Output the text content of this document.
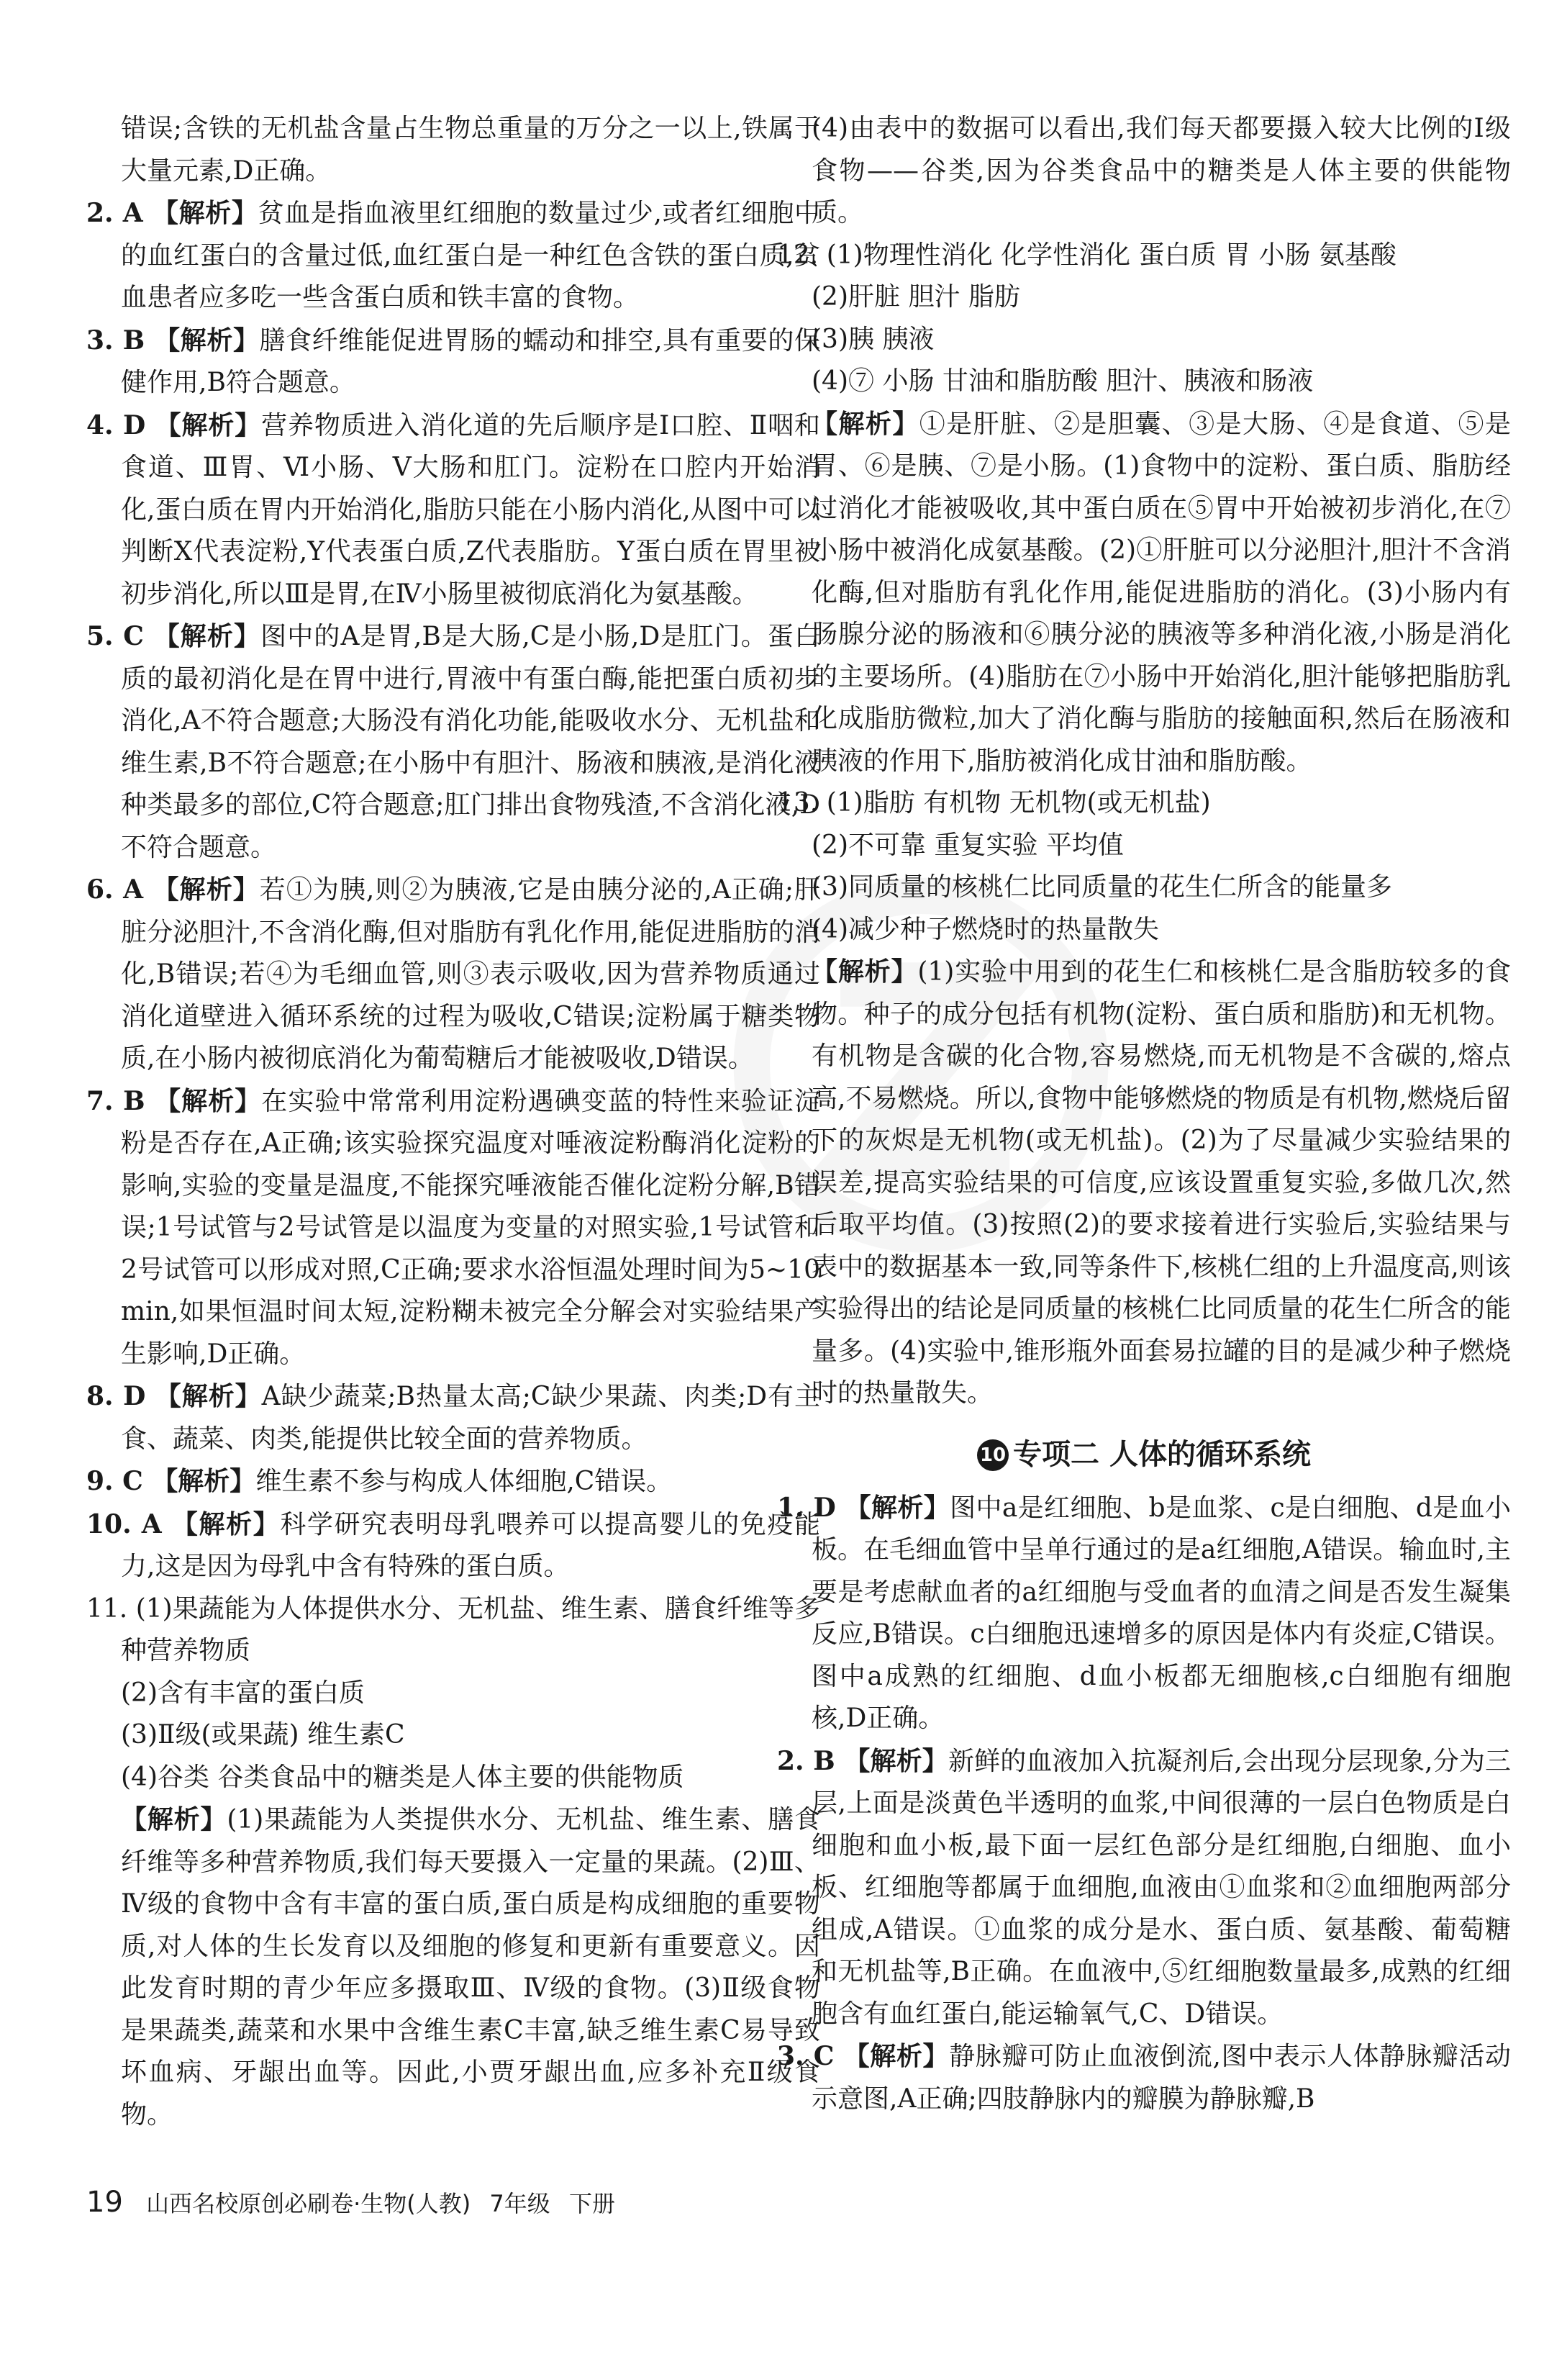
错误;含铁的无机盐含量占生物总重量的万分之一以上,铁属于大量元素,D正确。

2. A 【解析】贫血是指血液里红细胞的数量过少,或者红细胞中的血红蛋白的含量过低,血红蛋白是一种红色含铁的蛋白质,贫血患者应多吃一些含蛋白质和铁丰富的食物。

3. B 【解析】膳食纤维能促进胃肠的蠕动和排空,具有重要的保健作用,B符合题意。

4. D 【解析】营养物质进入消化道的先后顺序是Ⅰ口腔、Ⅱ咽和食道、Ⅲ胃、Ⅵ小肠、Ⅴ大肠和肛门。淀粉在口腔内开始消化,蛋白质在胃内开始消化,脂肪只能在小肠内消化,从图中可以判断X代表淀粉,Y代表蛋白质,Z代表脂肪。Y蛋白质在胃里被初步消化,所以Ⅲ是胃,在Ⅳ小肠里被彻底消化为氨基酸。

5. C 【解析】图中的A是胃,B是大肠,C是小肠,D是肛门。蛋白质的最初消化是在胃中进行,胃液中有蛋白酶,能把蛋白质初步消化,A不符合题意;大肠没有消化功能,能吸收水分、无机盐和维生素,B不符合题意;在小肠中有胆汁、肠液和胰液,是消化液种类最多的部位,C符合题意;肛门排出食物残渣,不含消化液,D不符合题意。

6. A 【解析】若①为胰,则②为胰液,它是由胰分泌的,A正确;肝脏分泌胆汁,不含消化酶,但对脂肪有乳化作用,能促进脂肪的消化,B错误;若④为毛细血管,则③表示吸收,因为营养物质通过消化道壁进入循环系统的过程为吸收,C错误;淀粉属于糖类物质,在小肠内被彻底消化为葡萄糖后才能被吸收,D错误。

7. B 【解析】在实验中常常利用淀粉遇碘变蓝的特性来验证淀粉是否存在,A正确;该实验探究温度对唾液淀粉酶消化淀粉的影响,实验的变量是温度,不能探究唾液能否催化淀粉分解,B错误;1号试管与2号试管是以温度为变量的对照实验,1号试管和2号试管可以形成对照,C正确;要求水浴恒温处理时间为5~10 min,如果恒温时间太短,淀粉糊未被完全分解会对实验结果产生影响,D正确。

8. D 【解析】A缺少蔬菜;B热量太高;C缺少果蔬、肉类;D有主食、蔬菜、肉类,能提供比较全面的营养物质。

9. C 【解析】维生素不参与构成人体细胞,C错误。

10. A 【解析】科学研究表明母乳喂养可以提高婴儿的免疫能力,这是因为母乳中含有特殊的蛋白质。

11. (1)果蔬能为人体提供水分、无机盐、维生素、膳食纤维等多种营养物质

(2)含有丰富的蛋白质

(3)Ⅱ级(或果蔬) 维生素C

(4)谷类 谷类食品中的糖类是人体主要的供能物质

【解析】(1)果蔬能为人类提供水分、无机盐、维生素、膳食纤维等多种营养物质,我们每天要摄入一定量的果蔬。(2)Ⅲ、Ⅳ级的食物中含有丰富的蛋白质,蛋白质是构成细胞的重要物质,对人体的生长发育以及细胞的修复和更新有重要意义。因此发育时期的青少年应多摄取Ⅲ、Ⅳ级的食物。(3)Ⅱ级食物是果蔬类,蔬菜和水果中含维生素C丰富,缺乏维生素C易导致坏血病、牙龈出血等。因此,小贾牙龈出血,应多补充Ⅱ级食物。

(4)由表中的数据可以看出,我们每天都要摄入较大比例的Ⅰ级食物——谷类,因为谷类食品中的糖类是人体主要的供能物质。

12. (1)物理性消化 化学性消化 蛋白质 胃 小肠 氨基酸

(2)肝脏 胆汁 脂肪

(3)胰 胰液

(4)⑦ 小肠 甘油和脂肪酸 胆汁、胰液和肠液

【解析】①是肝脏、②是胆囊、③是大肠、④是食道、⑤是胃、⑥是胰、⑦是小肠。(1)食物中的淀粉、蛋白质、脂肪经过消化才能被吸收,其中蛋白质在⑤胃中开始被初步消化,在⑦小肠中被消化成氨基酸。(2)①肝脏可以分泌胆汁,胆汁不含消化酶,但对脂肪有乳化作用,能促进脂肪的消化。(3)小肠内有肠腺分泌的肠液和⑥胰分泌的胰液等多种消化液,小肠是消化的主要场所。(4)脂肪在⑦小肠中开始消化,胆汁能够把脂肪乳化成脂肪微粒,加大了消化酶与脂肪的接触面积,然后在肠液和胰液的作用下,脂肪被消化成甘油和脂肪酸。

13. (1)脂肪 有机物 无机物(或无机盐)

(2)不可靠 重复实验 平均值

(3)同质量的核桃仁比同质量的花生仁所含的能量多

(4)减少种子燃烧时的热量散失

【解析】(1)实验中用到的花生仁和核桃仁是含脂肪较多的食物。种子的成分包括有机物(淀粉、蛋白质和脂肪)和无机物。有机物是含碳的化合物,容易燃烧,而无机物是不含碳的,熔点高,不易燃烧。所以,食物中能够燃烧的物质是有机物,燃烧后留下的灰烬是无机物(或无机盐)。(2)为了尽量减少实验结果的误差,提高实验结果的可信度,应该设置重复实验,多做几次,然后取平均值。(3)按照(2)的要求接着进行实验后,实验结果与表中的数据基本一致,同等条件下,核桃仁组的上升温度高,则该实验得出的结论是同质量的核桃仁比同质量的花生仁所含的能量多。(4)实验中,锥形瓶外面套易拉罐的目的是减少种子燃烧时的热量散失。

10 专项二 人体的循环系统

1. D 【解析】图中a是红细胞、b是血浆、c是白细胞、d是血小板。在毛细血管中呈单行通过的是a红细胞,A错误。输血时,主要是考虑献血者的a红细胞与受血者的血清之间是否发生凝集反应,B错误。c白细胞迅速增多的原因是体内有炎症,C错误。图中a成熟的红细胞、d血小板都无细胞核,c白细胞有细胞核,D正确。

2. B 【解析】新鲜的血液加入抗凝剂后,会出现分层现象,分为三层,上面是淡黄色半透明的血浆,中间很薄的一层白色物质是白细胞和血小板,最下面一层红色部分是红细胞,白细胞、血小板、红细胞等都属于血细胞,血液由①血浆和②血细胞两部分组成,A错误。①血浆的成分是水、蛋白质、氨基酸、葡萄糖和无机盐等,B正确。在血液中,⑤红细胞数量最多,成熟的红细胞含有血红蛋白,能运输氧气,C、D错误。

3. C 【解析】静脉瓣可防止血液倒流,图中表示人体静脉瓣活动示意图,A正确;四肢静脉内的瓣膜为静脉瓣,B

19 山西名校原创必刷卷·生物(人教) 7年级 下册
